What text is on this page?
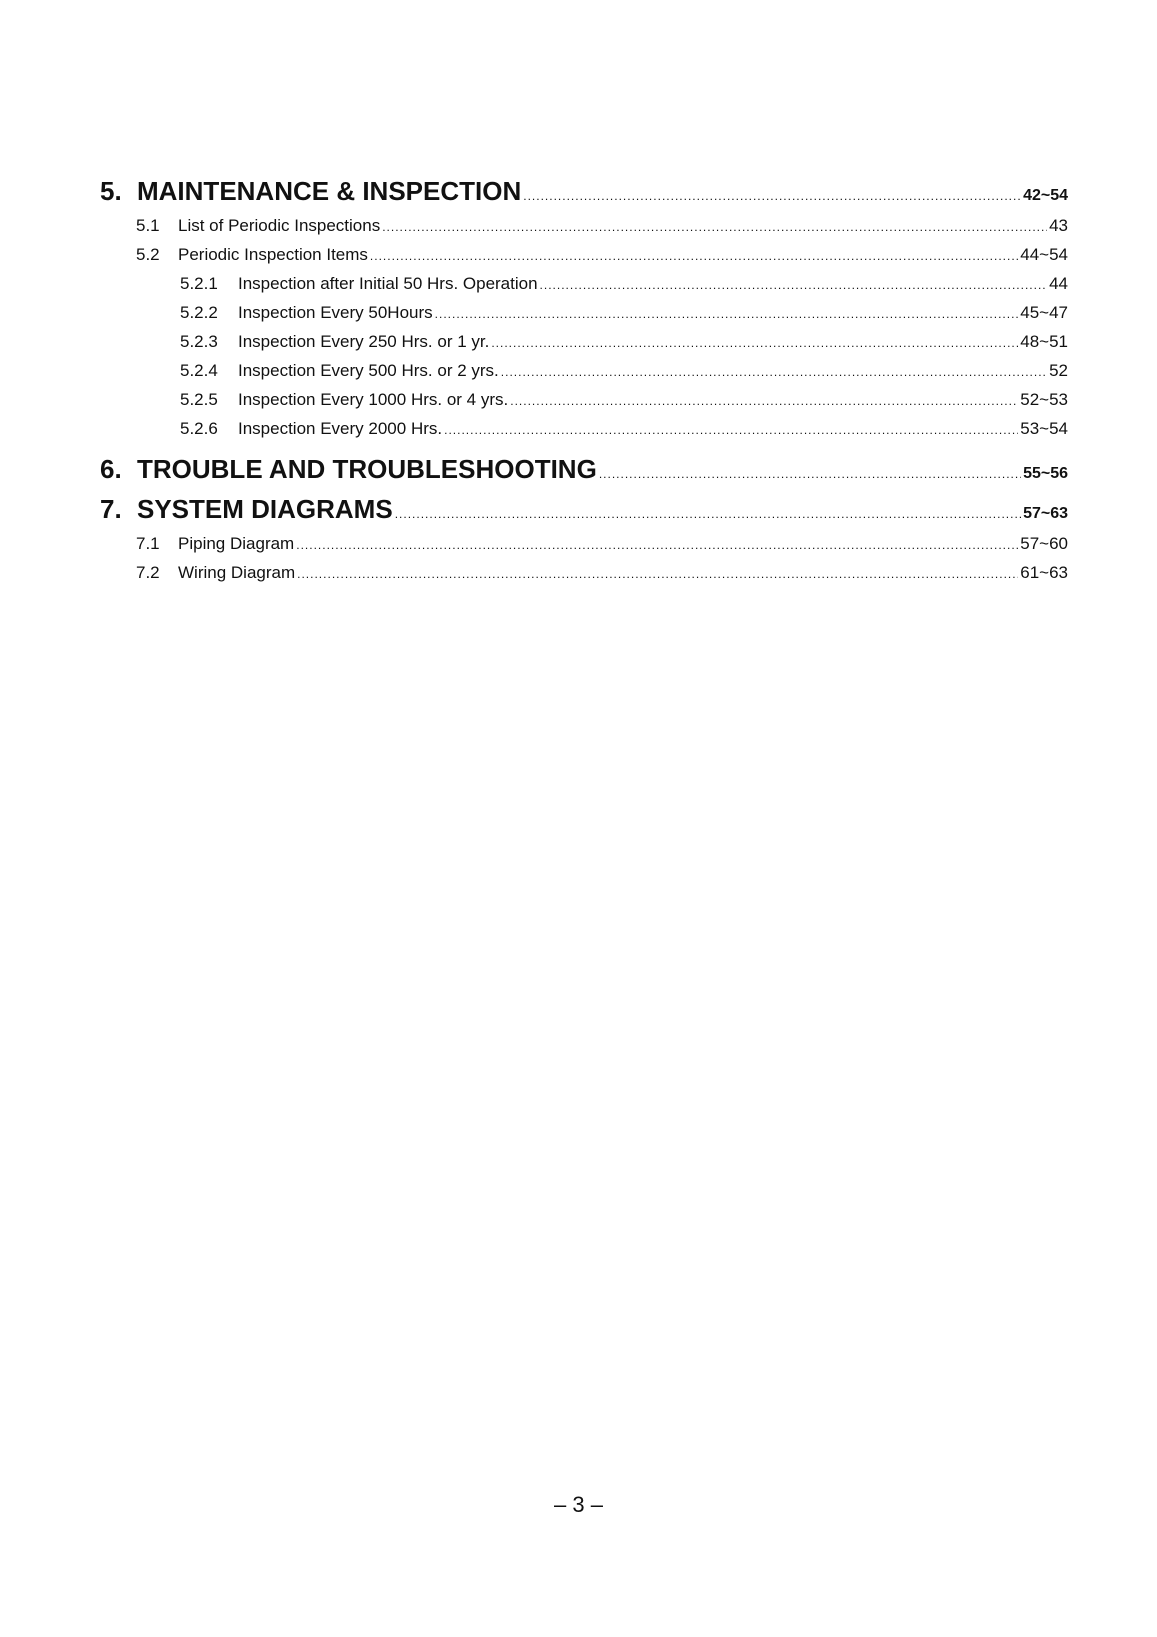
5. MAINTENANCE & INSPECTION .....	42~54
5.1	List of Periodic Inspections .....	43
5.2	Periodic Inspection Items .....	44~54
5.2.1	Inspection after Initial 50 Hrs. Operation .....	44
5.2.2	Inspection Every 50Hours .....	45~47
5.2.3	Inspection Every 250 Hrs. or 1 yr. .....	48~51
5.2.4	Inspection Every 500 Hrs. or 2 yrs. .....	52
5.2.5	Inspection Every 1000 Hrs. or 4 yrs. .....	52~53
5.2.6	Inspection Every 2000 Hrs. .....	53~54
6. TROUBLE AND TROUBLESHOOTING .....	55~56
7. SYSTEM DIAGRAMS .....	57~63
7.1	Piping Diagram .....	57~60
7.2	Wiring Diagram .....	61~63
– 3 –
